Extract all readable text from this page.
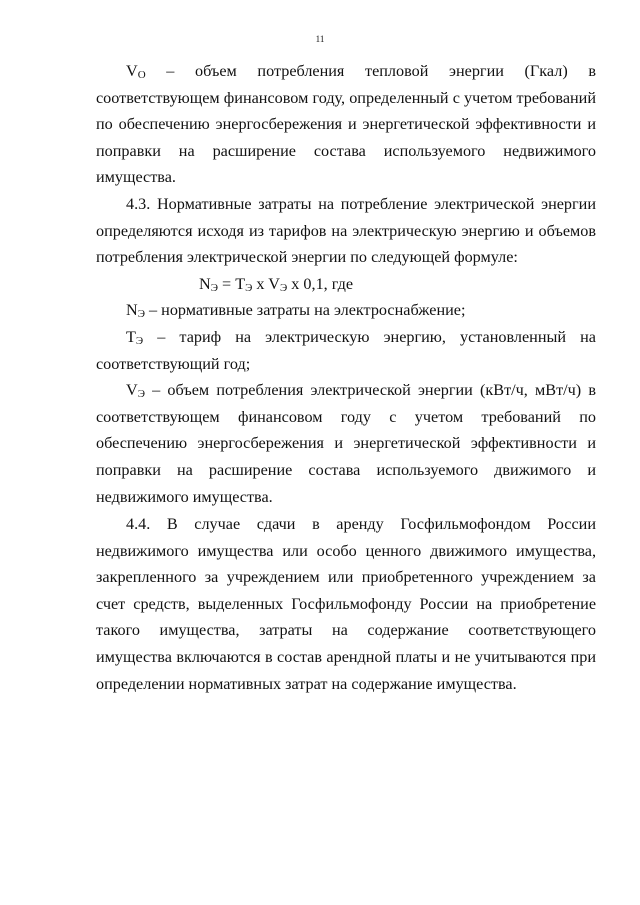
11

$V_O$ – объем потребления тепловой энергии (Гкал) в соответствующем финансовом году, определенный с учетом требований по обеспечению энергосбережения и энергетической эффективности и поправки на расширение состава используемого недвижимого имущества.

4.3. Нормативные затраты на потребление электрической энергии определяются исходя из тарифов на электрическую энергию и объемов потребления электрической энергии по следующей формуле:

$N_Э = T_Э$ x $V_Э$ x 0,1, где

$N_Э$ – нормативные затраты на электроснабжение;

$T_Э$ – тариф на электрическую энергию, установленный на соответствующий год;

$V_Э$ – объем потребления электрической энергии (кВт/ч, мВт/ч) в соответствующем финансовом году с учетом требований по обеспечению энергосбережения и энергетической эффективности и поправки на расширение состава используемого движимого и недвижимого имущества.

4.4. В случае сдачи в аренду Госфильмофондом России недвижимого имущества или особо ценного движимого имущества, закрепленного за учреждением или приобретенного учреждением за счет средств, выделенных Госфильмофонду России на приобретение такого имущества, затраты на содержание соответствующего имущества включаются в состав арендной платы и не учитываются при определении нормативных затрат на содержание имущества.
